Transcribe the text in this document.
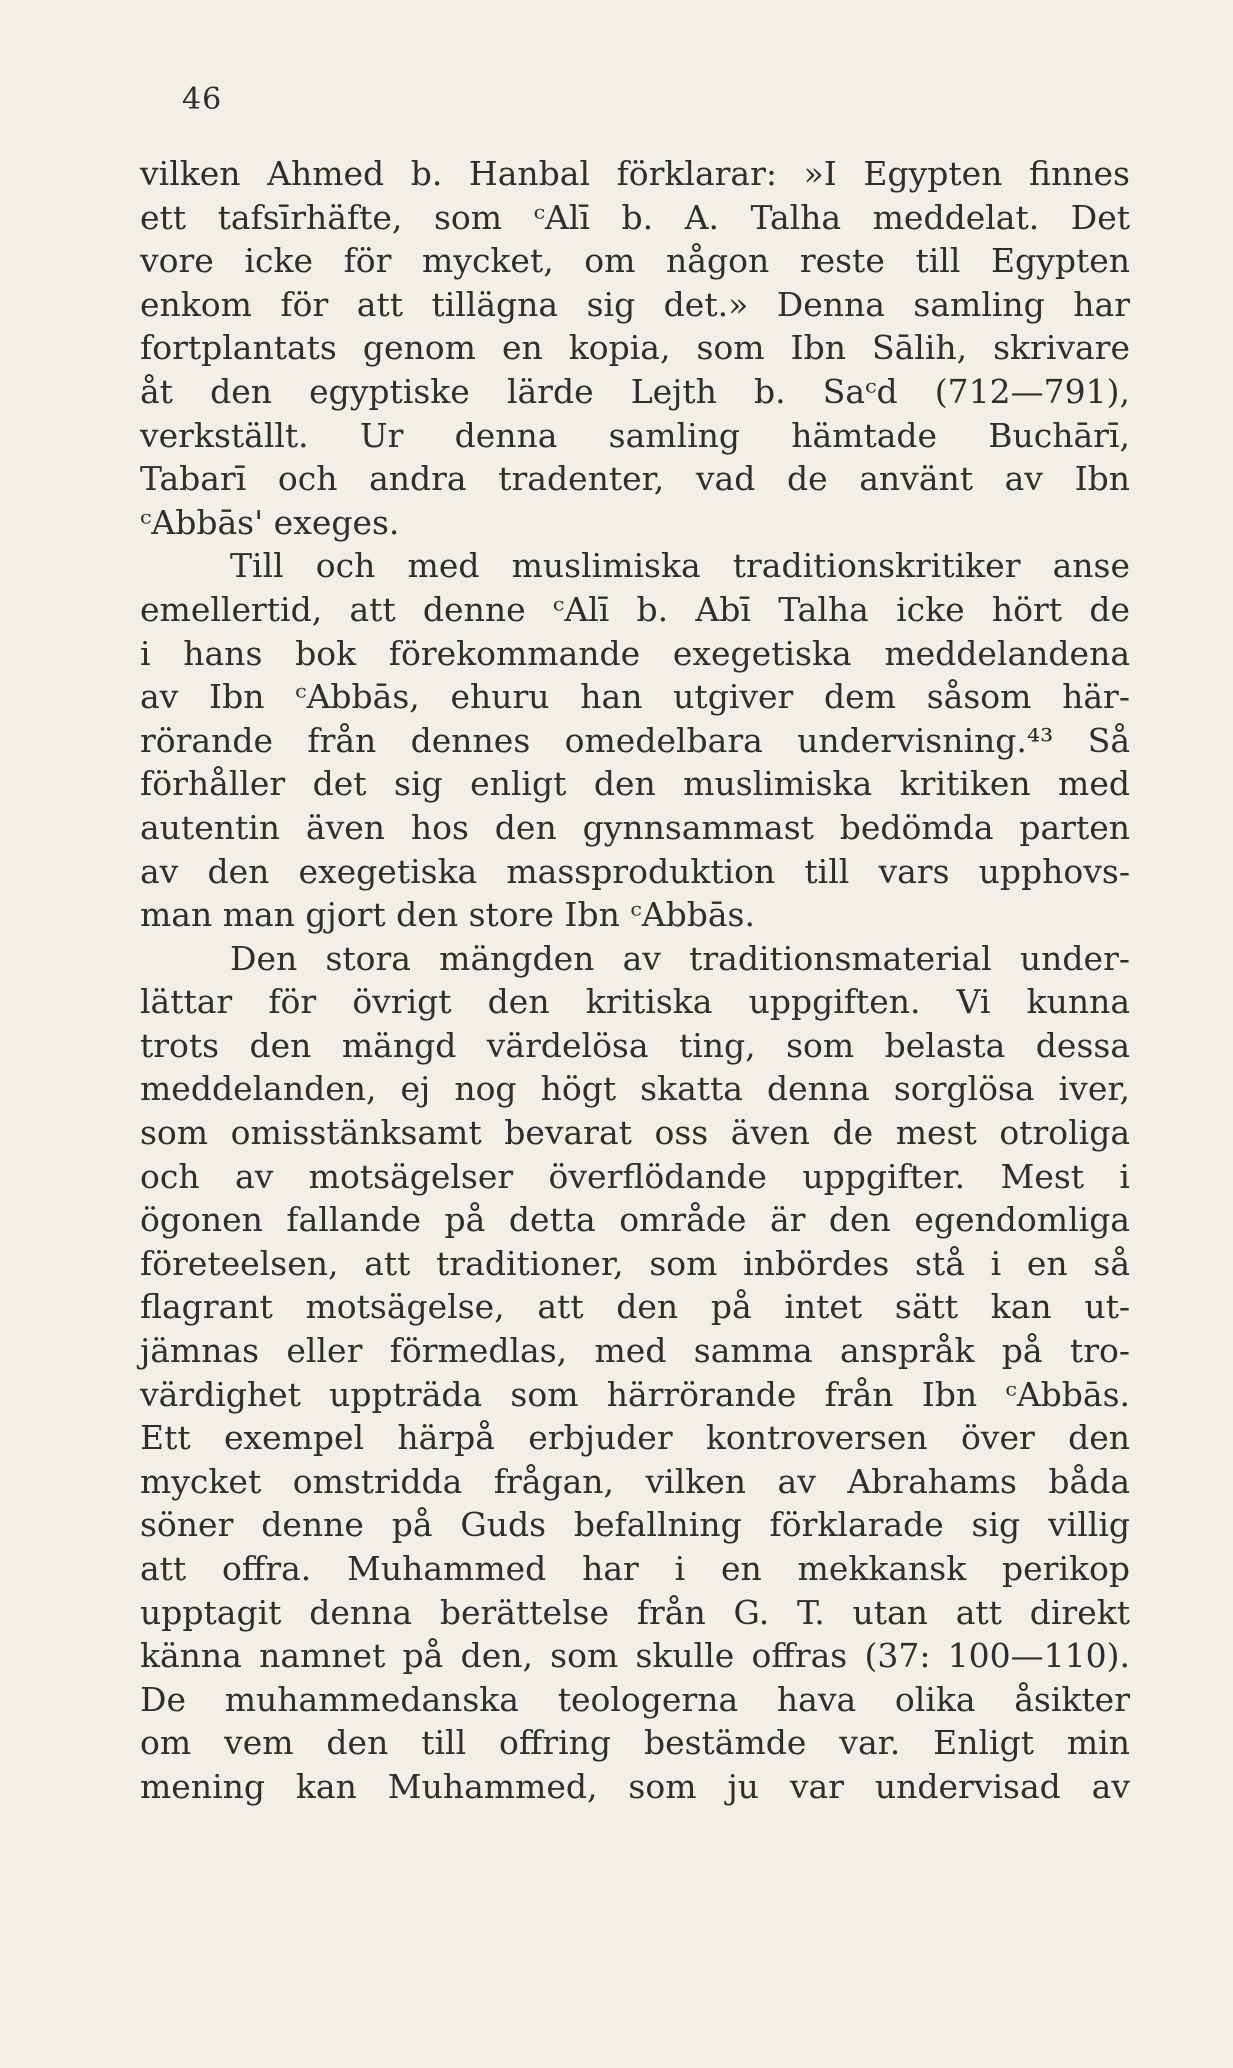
46
vilken Ahmed b. Hanbal förklarar: »I Egypten finnes
ett tafsīrhäfte, som ᶜAlī b. A. Talha meddelat. Det
vore icke för mycket, om någon reste till Egypten
enkom för att tillägna sig det.» Denna samling har
fortplantats genom en kopia, som Ibn Sālih, skrivare
åt den egyptiske lärde Lejth b. Saᶜd (712—791),
verkställt. Ur denna samling hämtade Buchārī,
Tabarī och andra tradenter, vad de använt av Ibn
ᶜAbbās' exeges.
Till och med muslimiska traditionskritiker anse
emellertid, att denne ᶜAlī b. Abī Talha icke hört de
i hans bok förekommande exegetiska meddelandena
av Ibn ᶜAbbās, ehuru han utgiver dem såsom här-
rörande från dennes omedelbara undervisning.⁴³ Så
förhåller det sig enligt den muslimiska kritiken med
autentin även hos den gynnsammast bedömda parten
av den exegetiska massproduktion till vars upphovs-
man man gjort den store Ibn ᶜAbbās.
Den stora mängden av traditionsmaterial under-
lättar för övrigt den kritiska uppgiften. Vi kunna
trots den mängd värdelösa ting, som belasta dessa
meddelanden, ej nog högt skatta denna sorglösa iver,
som omisstänksamt bevarat oss även de mest otroliga
och av motsägelser överflödande uppgifter. Mest i
ögonen fallande på detta område är den egendomliga
företeelsen, att traditioner, som inbördes stå i en så
flagrant motsägelse, att den på intet sätt kan ut-
jämnas eller förmedlas, med samma anspråk på tro-
värdighet uppträda som härrörande från Ibn ᶜAbbās.
Ett exempel härpå erbjuder kontroversen över den
mycket omstridda frågan, vilken av Abrahams båda
söner denne på Guds befallning förklarade sig villig
att offra. Muhammed har i en mekkansk perikop
upptagit denna berättelse från G. T. utan att direkt
känna namnet på den, som skulle offras (37: 100—110).
De muhammedanska teologerna hava olika åsikter
om vem den till offring bestämde var. Enligt min
mening kan Muhammed, som ju var undervisad av
